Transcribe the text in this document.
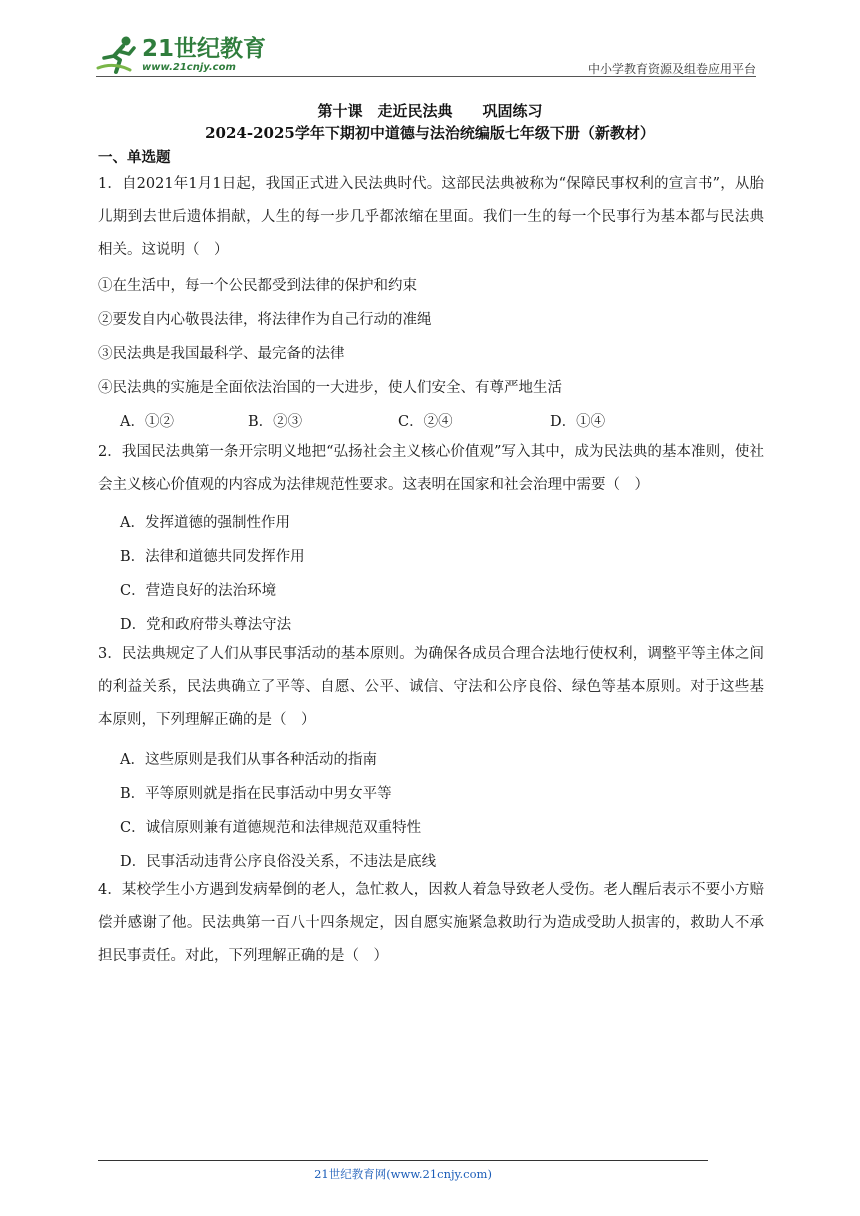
21世纪教育
www.21cnjy.com	中小学教育资源及组卷应用平台
第十课　走近民法典　　巩固练习
2024-2025学年下期初中道德与法治统编版七年级下册（新教材）
一、单选题
1．自2021年1月1日起，我国正式进入民法典时代。这部民法典被称为“保障民事权利的宣言书”，从胎儿期到去世后遗体捐献，人生的每一步几乎都浓缩在里面。我们一生的每一个民事行为基本都与民法典相关。这说明（　）
①在生活中，每一个公民都受到法律的保护和约束
②要发自内心敬畏法律，将法律作为自己行动的准绳
③民法典是我国最科学、最完备的法律
④民法典的实施是全面依法治国的一大进步，使人们安全、有尊严地生活
A．①②	B．②③	C．②④	D．①④
2．我国民法典第一条开宗明义地把“弘扬社会主义核心价值观”写入其中，成为民法典的基本准则，使社会主义核心价值观的内容成为法律规范性要求。这表明在国家和社会治理中需要（　）
A．发挥道德的强制性作用
B．法律和道德共同发挥作用
C．营造良好的法治环境
D．党和政府带头尊法守法
3．民法典规定了人们从事民事活动的基本原则。为确保各成员合理合法地行使权利，调整平等主体之间的利益关系，民法典确立了平等、自愿、公平、诚信、守法和公序良俗、绿色等基本原则。对于这些基本原则，下列理解正确的是（　）
A．这些原则是我们从事各种活动的指南
B．平等原则就是指在民事活动中男女平等
C．诚信原则兼有道德规范和法律规范双重特性
D．民事活动违背公序良俗没关系，不违法是底线
4．某校学生小方遇到发病晕倒的老人，急忙救人，因救人着急导致老人受伤。老人醒后表示不要小方赔偿并感谢了他。民法典第一百八十四条规定，因自愿实施紧急救助行为造成受助人损害的，救助人不承担民事责任。对此，下列理解正确的是（　）
21世纪教育网(www.21cnjy.com)
